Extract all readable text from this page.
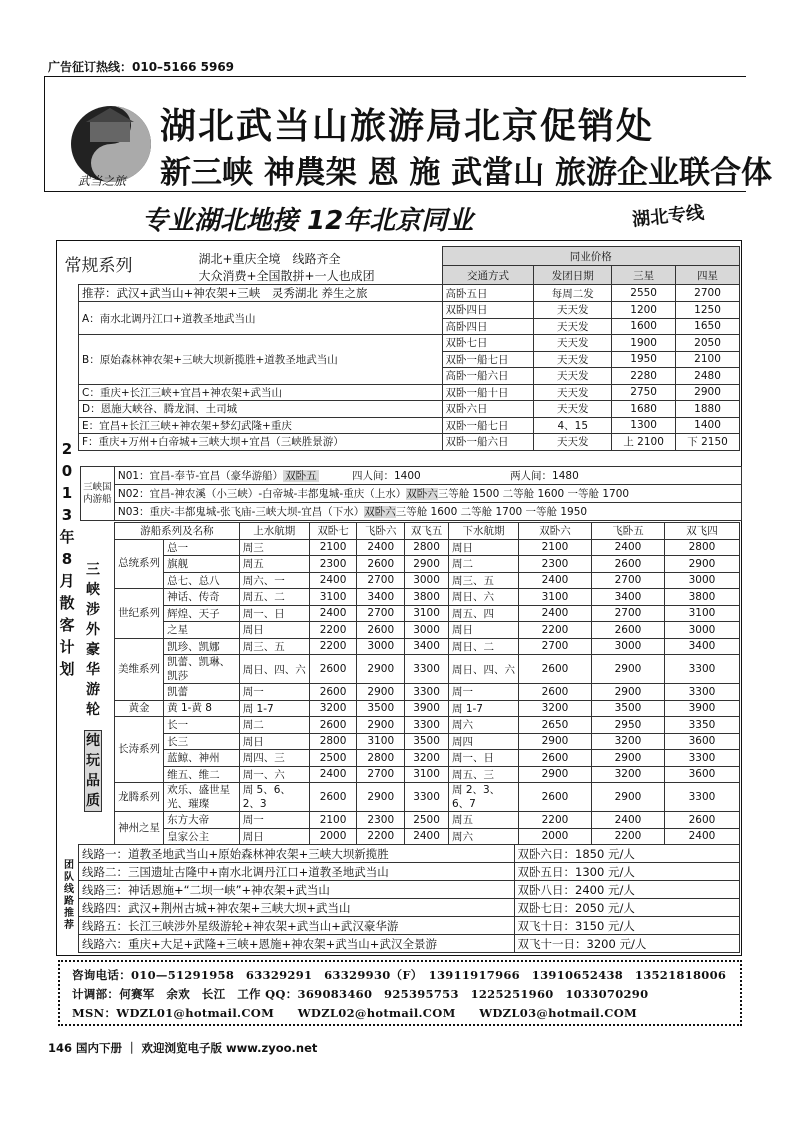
广告征订热线：010–5166 5969
武当之旅
湖北武当山旅游局北京促销处
新三峡 神農架 恩 施 武當山 旅游企业联合体
专业湖北地接 12年北京同业	湖北专线
常规系列 湖北+重庆全境　线路齐全
大众消费+全国散拼+一人也成团	同业价格			
	交通方式	发团日期	三星	四星
推荐：武汉+武当山+神农架+三峡　灵秀湖北 养生之旅	高卧五日	每周二发	2550	2700
A：南水北调丹江口+道教圣地武当山	双卧四日	天天发	1200	1250
	高卧四日	天天发	1600	1650
B：原始森林神农架+三峡大坝新揽胜+道教圣地武当山	双卧七日	天天发	1900	2050
	双卧一船七日	天天发	1950	2100
	高卧一船六日	天天发	2280	2480
C：重庆+长江三峡+宜昌+神农架+武当山	双卧一船十日	天天发	2750	2900
D：恩施大峡谷、腾龙洞、土司城	双卧六日	天天发	1680	1880
E：宜昌+长江三峡+神农架+梦幻武隆+重庆	双卧一船七日	4、15	1300	1400
F：重庆+万州+白帝城+三峡大坝+宜昌（三峡胜景游）	双卧一船六日	天天发	上 2100	下 2150
2
0
1
3
年
8
月
散
客
计
划
三峡国内游船	N01：宜昌-奉节-宜昌（豪华游船） 双卧五	四人间：1400	两人间：1480
N02：宜昌-神农溪（小三峡）-白帝城-丰都鬼城-重庆（上水）双卧六三等舱 1500 二等舱 1600 一等舱 1700
N03：重庆-丰都鬼城-张飞庙-三峡大坝-宜昌（下水）双卧六三等舱 1600 二等舱 1700 一等舱 1950
三
峡
涉
外
豪
华
游
轮
纯
玩
品
质
游船系列及名称		上水航期	双卧七	飞卧六	双飞五	下水航期	双卧六	飞卧五	双飞四
总统系列	总一	周三	2100	2400	2800	周日	2100	2400	2800
	旗舰	周五	2300	2600	2900	周二	2300	2600	2900
	总七、总八	周六、一	2400	2700	3000	周三、五	2400	2700	3000
世纪系列	神话、传奇	周五、二	3100	3400	3800	周日、六	3100	3400	3800
	辉煌、天子	周一、日	2400	2700	3100	周五、四	2400	2700	3100
	之星	周日	2200	2600	3000	周日	2200	2600	3000
美维系列	凯珍、凯娜	周三、五	2200	3000	3400	周日、二	2700	3000	3400
	凯蕾、凯琳、凯莎	周日、四、六	2600	2900	3300	周日、四、六	2600	2900	3300
	凯蕾	周一	2600	2900	3300	周一	2600	2900	3300
黄金	黄 1-黄 8	周 1-7	3200	3500	3900	周 1-7	3200	3500	3900
长涛系列	长一	周二	2600	2900	3300	周六	2650	2950	3350
	长三	周日	2800	3100	3500	周四	2900	3200	3600
	蓝鲸、神州	周四、三	2500	2800	3200	周一、日	2600	2900	3300
	维五、维二	周一、六	2400	2700	3100	周五、三	2900	3200	3600
龙腾系列	欢乐、盛世星光、璀璨	周 5、6、2、3	2600	2900	3300	周 2、3、6、7	2600	2900	3300
神州之星	东方大帝	周一	2100	2300	2500	周五	2200	2400	2600
	皇家公主	周日	2000	2200	2400	周六	2000	2200	2400
团
队
线
路
推
荐
线路一：道教圣地武当山+原始森林神农架+三峡大坝新揽胜	双卧六日：1850 元/人
线路二：三国遗址古隆中+南水北调丹江口+道教圣地武当山	双卧五日：1300 元/人
线路三：神话恩施+“二坝一峡”+神农架+武当山	双卧八日：2400 元/人
线路四：武汉+荆州古城+神农架+三峡大坝+武当山	双卧七日：2050 元/人
线路五：长江三峡涉外星级游轮+神农架+武当山+武汉豪华游	双飞十日：3150 元/人
线路六：重庆+大足+武隆+三峡+恩施+神农架+武当山+武汉全景游	双飞十一日：3200 元/人
咨询电话：010—51291958　63329291　63329930（F）　13911917966　13910652438　13521818006
计调部：何赛军　余欢　长江　工作 QQ：369083460　925395753　1225251960　1033070290
MSN：WDZL01@hotmail.COM　　WDZL02@hotmail.COM　　WDZL03@hotmail.COM
146 国内下册 ｜ 欢迎浏览电子版 www.zyoo.net
